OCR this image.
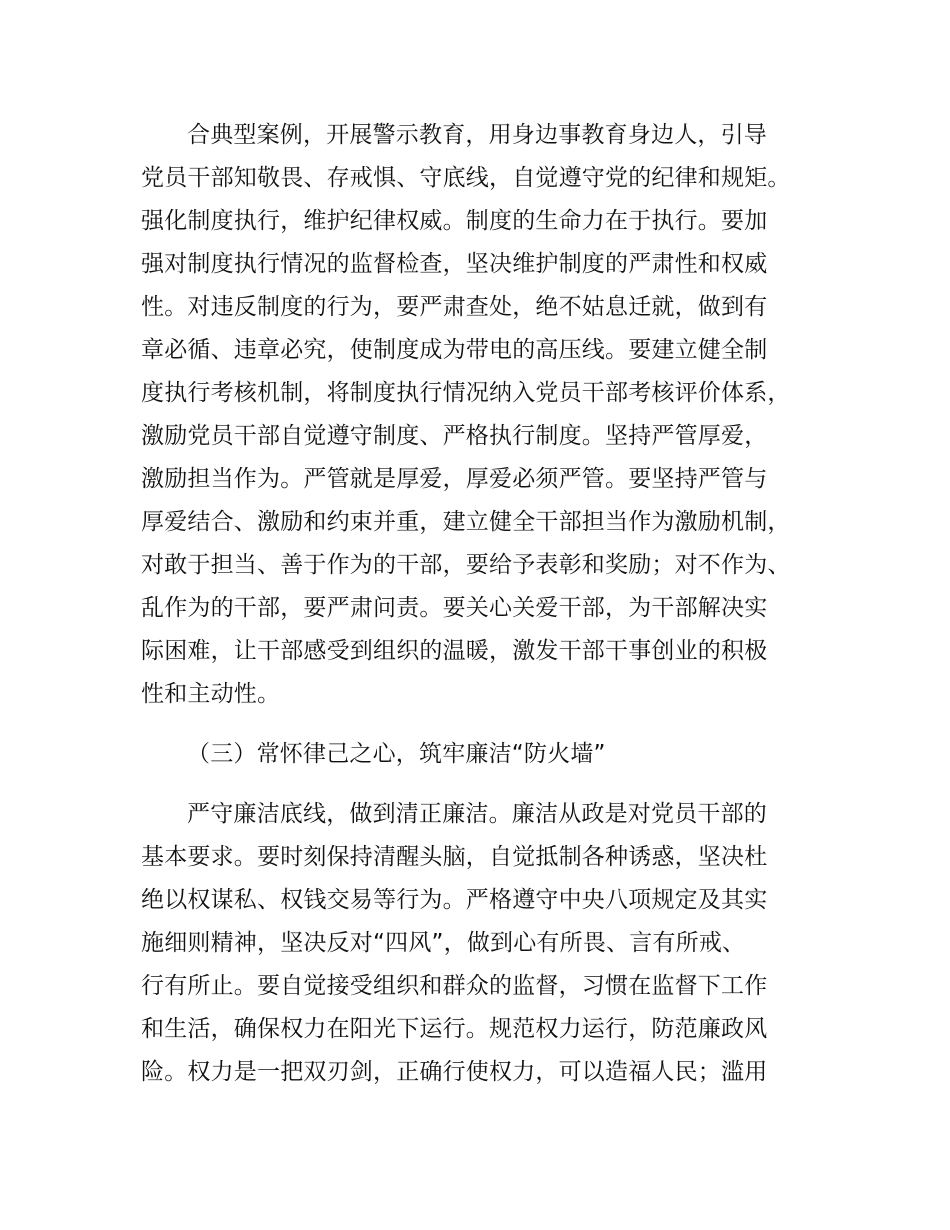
合典型案例，开展警示教育，用身边事教育身边人，引导
党员干部知敬畏、存戒惧、守底线，自觉遵守党的纪律和规矩。
强化制度执行，维护纪律权威。制度的生命力在于执行。要加
强对制度执行情况的监督检查，坚决维护制度的严肃性和权威
性。对违反制度的行为，要严肃查处，绝不姑息迁就，做到有
章必循、违章必究，使制度成为带电的高压线。要建立健全制
度执行考核机制，将制度执行情况纳入党员干部考核评价体系，
激励党员干部自觉遵守制度、严格执行制度。坚持严管厚爱，
激励担当作为。严管就是厚爱，厚爱必须严管。要坚持严管与
厚爱结合、激励和约束并重，建立健全干部担当作为激励机制，
对敢于担当、善于作为的干部，要给予表彰和奖励；对不作为、
乱作为的干部，要严肃问责。要关心关爱干部，为干部解决实
际困难，让干部感受到组织的温暖，激发干部干事创业的积极
性和主动性。
（三）常怀律己之心，筑牢廉洁“防火墙”
严守廉洁底线，做到清正廉洁。廉洁从政是对党员干部的
基本要求。要时刻保持清醒头脑，自觉抵制各种诱惑，坚决杜
绝以权谋私、权钱交易等行为。严格遵守中央八项规定及其实
施细则精神，坚决反对“四风”，做到心有所畏、言有所戒、
行有所止。要自觉接受组织和群众的监督，习惯在监督下工作
和生活，确保权力在阳光下运行。规范权力运行，防范廉政风
险。权力是一把双刃剑，正确行使权力，可以造福人民；滥用
